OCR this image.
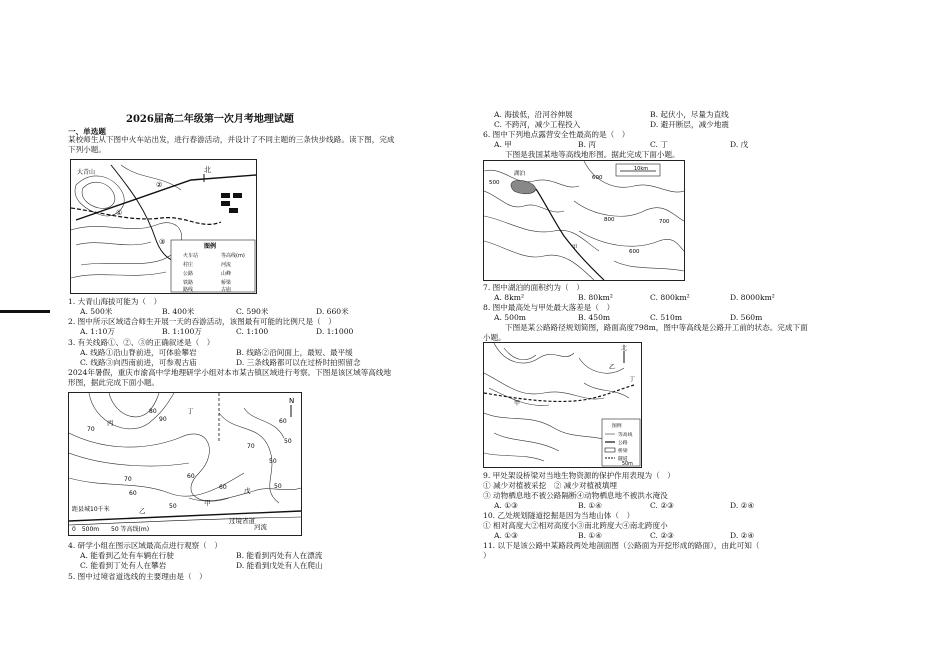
2026届高二年级第一次月考地理试题
一、单选题
某校师生从下图中火车站出发，进行春游活动，并设计了不同主题的三条快步线路。读下图，完成下列小题。
北
大青山
②
①
③
图例
火车站	等高线(m)
村庄	河流
公路	山峰
铁路	桥梁
路线	古庙
1. 大青山海拔可能为（　）
A. 500米	B. 400米	C. 590米	D. 660米
2. 图中所示区域适合师生开展一天的吞游活动，该图最有可能的比例尺是（　）
A. 1:10万	B. 1:100万	C. 1:100	D. 1:1000
3. 有关线路①、②、③的正确叙述是（　）
A. 线路①沿山脊前进，可体验攀岩	B. 线路②沿间面上，最短、最平缓
C. 线路③向西南前进，可参观古庙	D. 三条线路都可以在过桥时拍照留念
2024年暑假，重庆市渝高中学地理研学小组对本市某古镇区域进行考察。下图是该区域等高线地形图，据此完成下面小题。
N
丙
丁
甲
乙
戊
过境省道
河流
70
80
90	60
70
50
60
50
70	60
50
60
50
距县城10千米
0　500m 50 等高线(m)
4. 研学小组在图示区域最高点进行观察（　）
A. 能看到乙处有车辆在行驶	B. 能看到丙处有人在漂流
C. 能看到丁处有人在攀岩	D. 能看到戊处有人在爬山
5. 图中过境省道选线的主要理由是（　）
A. 海拔低，沿河谷伸展	B. 起伏小，尽量为直线
C. 不跨河，减少工程投入	D. 避开断层，减少地震
6. 图中下列地点露营安全性最高的是（　）
A. 甲	B. 丙	C. 丁	D. 戊
下图是我国某地等高线地形图。据此完成下面小题。
10km
湖泊
500
600
700
800
600
甲
7. 图中湖泊的面积约为（　）
A. 8km²	B. 80km²	C. 800km²	D. 8000km²
8. 图中最高处与甲处最大落差是（　）
A. 500m	B. 450m	C. 510m	D. 560m
下图是某公路路径规划简图，路面高度798m，图中等高线是公路开工前的状态。完成下面小题。
北
乙
甲
丁
图例
等高线
公路
桥梁
隧道
50m
9. 甲处架设桥梁对当地生物资源的保护作用表现为（　）
① 减少对植被采挖　② 减少对植被填埋
③ 动物栖息地不被公路隔断④动物栖息地不被洪水淹没
A. ①③	B. ①④	C. ②③	D. ②④
10. 乙处规划隧道挖掘是因为当地山体（　）
① 相对高度大②相对高度小③南北跨度大④南北跨度小
A. ①③	B. ①④	C. ②③	D. ②④
11. 以下是该公路中某路段两处地剖面图（公路面为开挖形成的路面），由此可知（
）
